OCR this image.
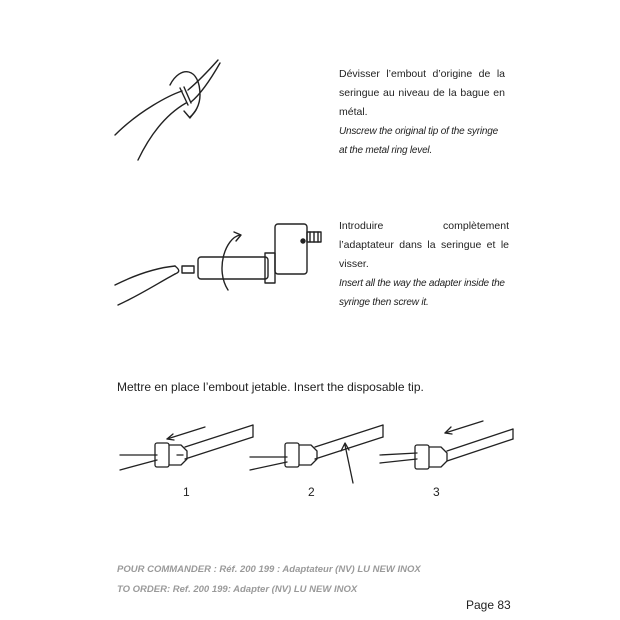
Dévisser l’embout d’origine de la seringue au niveau de la bague en métal.
Unscrew the original tip of the syringe at the metal ring level.
Introduire complètement l’adaptateur dans la seringue et le visser.
Insert all the way the adapter inside the syringe then screw it.
Mettre en place l’embout jetable. Insert the disposable tip.
1	2	3
POUR COMMANDER : Réf. 200 199 : Adaptateur (NV) LU NEW INOX
TO ORDER: Ref. 200 199: Adapter (NV) LU NEW INOX
Page 83
